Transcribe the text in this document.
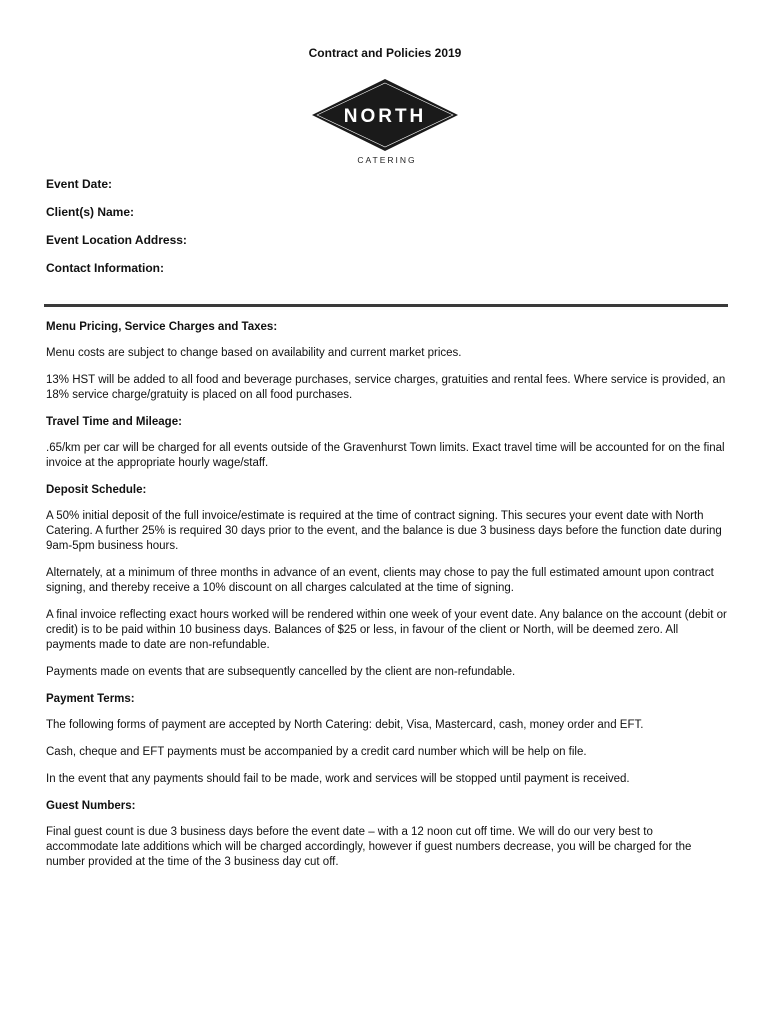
Contract and Policies 2019
NORTH
CATERING
Event Date:
Client(s) Name:
Event Location Address:
Contact Information:
Menu Pricing, Service Charges and Taxes:

Menu costs are subject to change based on availability and current market prices.

13% HST will be added to all food and beverage purchases, service charges, gratuities and rental fees. Where service is provided, an 18% service charge/gratuity is placed on all food purchases.

Travel Time and Mileage:

.65/km per car will be charged for all events outside of the Gravenhurst Town limits. Exact travel time will be accounted for on the final invoice at the appropriate hourly wage/staff.

Deposit Schedule:

A 50% initial deposit of the full invoice/estimate is required at the time of contract signing. This secures your event date with North Catering. A further 25% is required 30 days prior to the event, and the balance is due 3 business days before the function date during 9am-5pm business hours.

Alternately, at a minimum of three months in advance of an event, clients may chose to pay the full estimated amount upon contract signing, and thereby receive a 10% discount on all charges calculated at the time of signing.

A final invoice reflecting exact hours worked will be rendered within one week of your event date. Any balance on the account (debit or credit) is to be paid within 10 business days. Balances of $25 or less, in favour of the client or North, will be deemed zero. All payments made to date are non-refundable.

Payments made on events that are subsequently cancelled by the client are non-refundable.

Payment Terms:

The following forms of payment are accepted by North Catering: debit, Visa, Mastercard, cash, money order and EFT.

Cash, cheque and EFT payments must be accompanied by a credit card number which will be help on file.

In the event that any payments should fail to be made, work and services will be stopped until payment is received.

Guest Numbers:

Final guest count is due 3 business days before the event date – with a 12 noon cut off time. We will do our very best to accommodate late additions which will be charged accordingly, however if guest numbers decrease, you will be charged for the number provided at the time of the 3 business day cut off.
